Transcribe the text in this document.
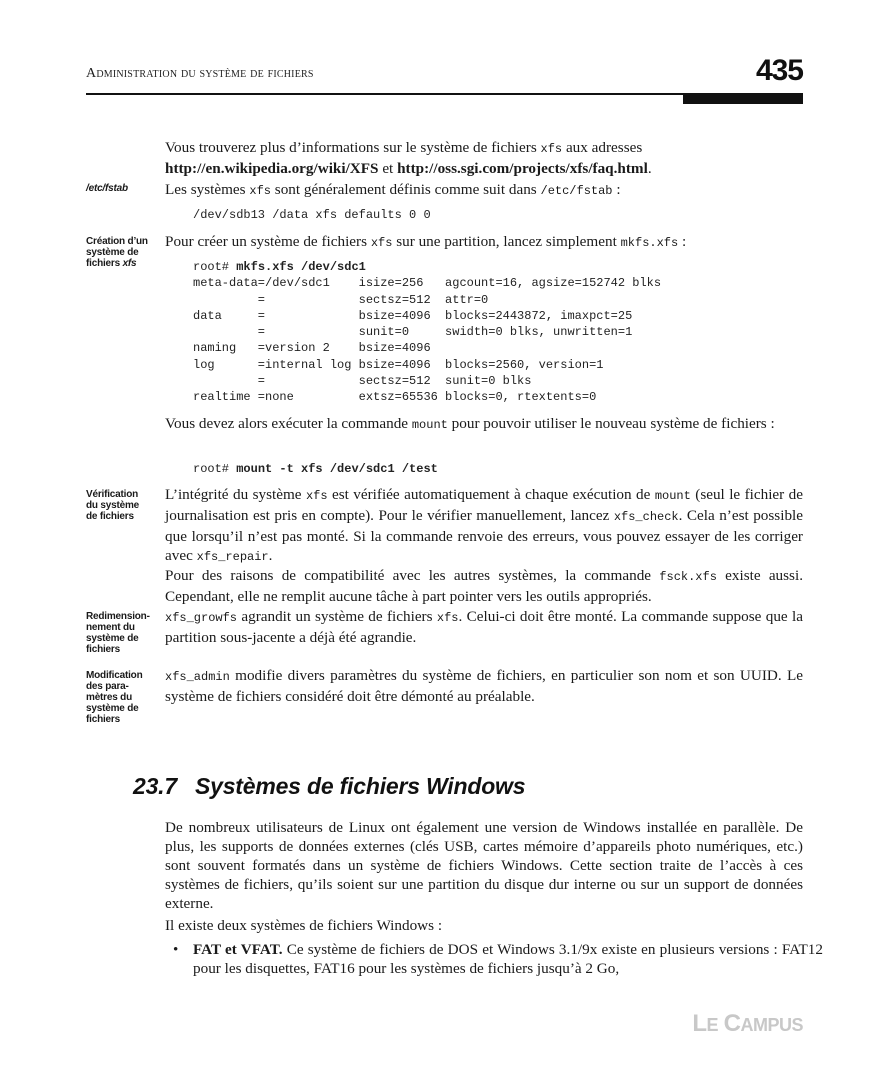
Administration du système de fichiers	435
Vous trouverez plus d’informations sur le système de fichiers xfs aux adresses
http://en.wikipedia.org/wiki/XFS et http://oss.sgi.com/projects/xfs/faq.html.
/etc/fstab	Les systèmes xfs sont généralement définis comme suit dans /etc/fstab :
/dev/sdb13 /data xfs defaults 0 0
Création d’un
système de
fichiers xfs
Pour créer un système de fichiers xfs sur une partition, lancez simplement mkfs.xfs :
root# mkfs.xfs /dev/sdc1
meta-data=/dev/sdc1    isize=256   agcount=16, agsize=152742 blks
=             sectsz=512  attr=0
data     =             bsize=4096  blocks=2443872, imaxpct=25
=             sunit=0     swidth=0 blks, unwritten=1
naming   =version 2    bsize=4096
log      =internal log bsize=4096  blocks=2560, version=1
=             sectsz=512  sunit=0 blks
realtime =none         extsz=65536 blocks=0, rtextents=0
Vous devez alors exécuter la commande mount pour pouvoir utiliser le nouveau système de fichiers :
root# mount -t xfs /dev/sdc1 /test
Vérification
du système
de fichiers
L’intégrité du système xfs est vérifiée automatiquement à chaque exécution de mount (seul le fichier de journalisation est pris en compte). Pour le vérifier manuellement, lancez xfs_check. Cela n’est possible que lorsqu’il n’est pas monté. Si la commande renvoie des erreurs, vous pouvez essayer de les corriger avec xfs_repair.
Pour des raisons de compatibilité avec les autres systèmes, la commande fsck.xfs existe aussi. Cependant, elle ne remplit aucune tâche à part pointer vers les outils appropriés.
Redimension-
nement du
système de
fichiers
xfs_growfs agrandit un système de fichiers xfs. Celui-ci doit être monté. La commande suppose que la partition sous-jacente a déjà été agrandie.
Modification
des para-
mètres du
système de
fichiers
xfs_admin modifie divers paramètres du système de fichiers, en particulier son nom et son UUID. Le système de fichiers considéré doit être démonté au préalable.
23.7 Systèmes de fichiers Windows
De nombreux utilisateurs de Linux ont également une version de Windows installée en parallèle. De plus, les supports de données externes (clés USB, cartes mémoire d’appareils photo numériques, etc.) sont souvent formatés dans un système de fichiers Windows. Cette section traite de l’accès à ces systèmes de fichiers, qu’ils soient sur une partition du disque dur interne ou sur un support de données externe.
Il existe deux systèmes de fichiers Windows :
• FAT et VFAT. Ce système de fichiers de DOS et Windows 3.1/9x existe en plusieurs versions : FAT12 pour les disquettes, FAT16 pour les systèmes de fichiers jusqu’à 2 Go,
LE CAMPUS
